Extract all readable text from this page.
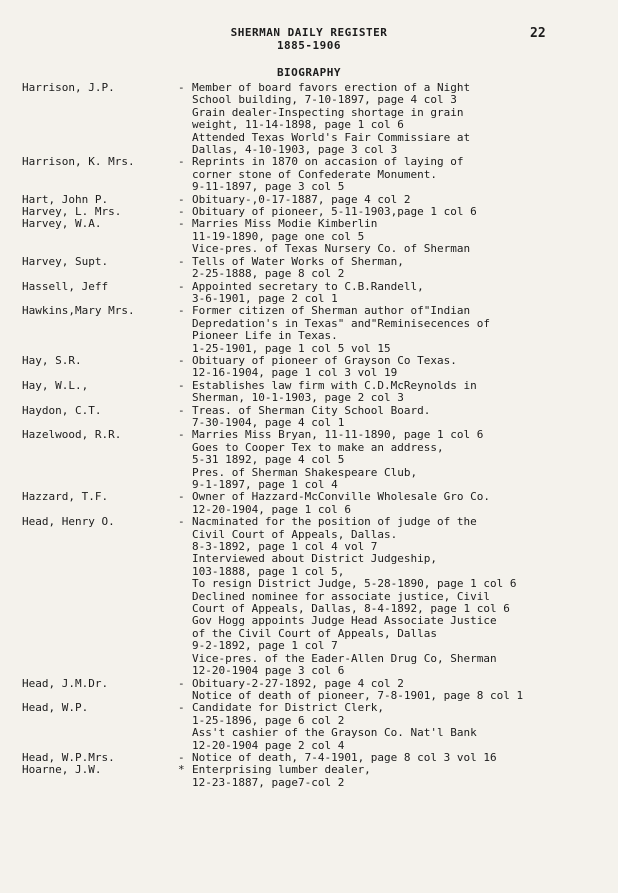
SHERMAN DAILY REGISTER
1885-1906
22
BIOGRAPHY
Harrison, J.P.	- Member of board favors erection of a Night
School building, 7-10-1897, page 4 col 3
Grain dealer-Inspecting shortage in grain
weight, 11-14-1898, page 1 col 6
Attended Texas World's Fair Commissiare at
Dallas, 4-10-1903, page 3 col 3
Harrison, K. Mrs.	- Reprints in 1870 on accasion of laying of
corner stone of Confederate Monument.
9-11-1897, page 3 col 5
Hart, John P.	- Obituary-,0-17-1887, page 4 col 2
Harvey, L. Mrs.	- Obituary of pioneer, 5-11-1903,page 1 col 6
Harvey, W.A.	- Marries Miss Modie Kimberlin
11-19-1890, page one col 5
Vice-pres. of Texas Nursery Co. of Sherman
Harvey, Supt.	- Tells of Water Works of Sherman,
2-25-1888, page 8 col 2
Hassell, Jeff	- Appointed secretary to C.B.Randell,
3-6-1901, page 2 col 1
Hawkins,Mary Mrs.	- Former citizen of Sherman author of"Indian
Depredation's in Texas" and"Reminisecences of
Pioneer Life in Texas.
1-25-1901, page 1 col 5 vol 15
Hay, S.R.	- Obituary of pioneer of Grayson Co Texas.
12-16-1904, page 1 col 3 vol 19
Hay, W.L.,	- Establishes law firm with C.D.McReynolds in
Sherman, 10-1-1903, page 2 col 3
Haydon, C.T.	- Treas. of Sherman City School Board.
7-30-1904, page 4 col 1
Hazelwood, R.R.	- Marries Miss Bryan, 11-11-1890, page 1 col 6
Goes to Cooper Tex to make an address,
5-31 1892, page 4 col 5
Pres. of Sherman Shakespeare Club,
9-1-1897, page 1 col 4
Hazzard, T.F.	- Owner of Hazzard-McConville Wholesale Gro Co.
12-20-1904, page 1 col 6
Head, Henry O.	- Nacminated for the position of judge of the
Civil Court of Appeals, Dallas.
8-3-1892, page 1 col 4 vol 7
Interviewed about District Judgeship,
103-1888, page 1 col 5,
To resign District Judge, 5-28-1890, page 1 col 6
Declined nominee for associate justice, Civil
Court of Appeals, Dallas, 8-4-1892, page 1 col 6
Gov Hogg appoints Judge Head Associate Justice
of the Civil Court of Appeals, Dallas
9-2-1892, page 1 col 7
Vice-pres. of the Eader-Allen Drug Co, Sherman
12-20-1904 page 3 col 6
Head, J.M.Dr.	- Obituary-2-27-1892, page 4 col 2
Notice of death of pioneer, 7-8-1901, page 8 col 1
Head, W.P.	- Candidate for District Clerk,
1-25-1896, page 6 col 2
Ass't cashier of the Grayson Co. Nat'l Bank
12-20-1904 page 2 col 4
Head, W.P.Mrs.	- Notice of death, 7-4-1901, page 8 col 3 vol 16
Hoarne, J.W.	* Enterprising lumber dealer,
12-23-1887, page7-col 2
